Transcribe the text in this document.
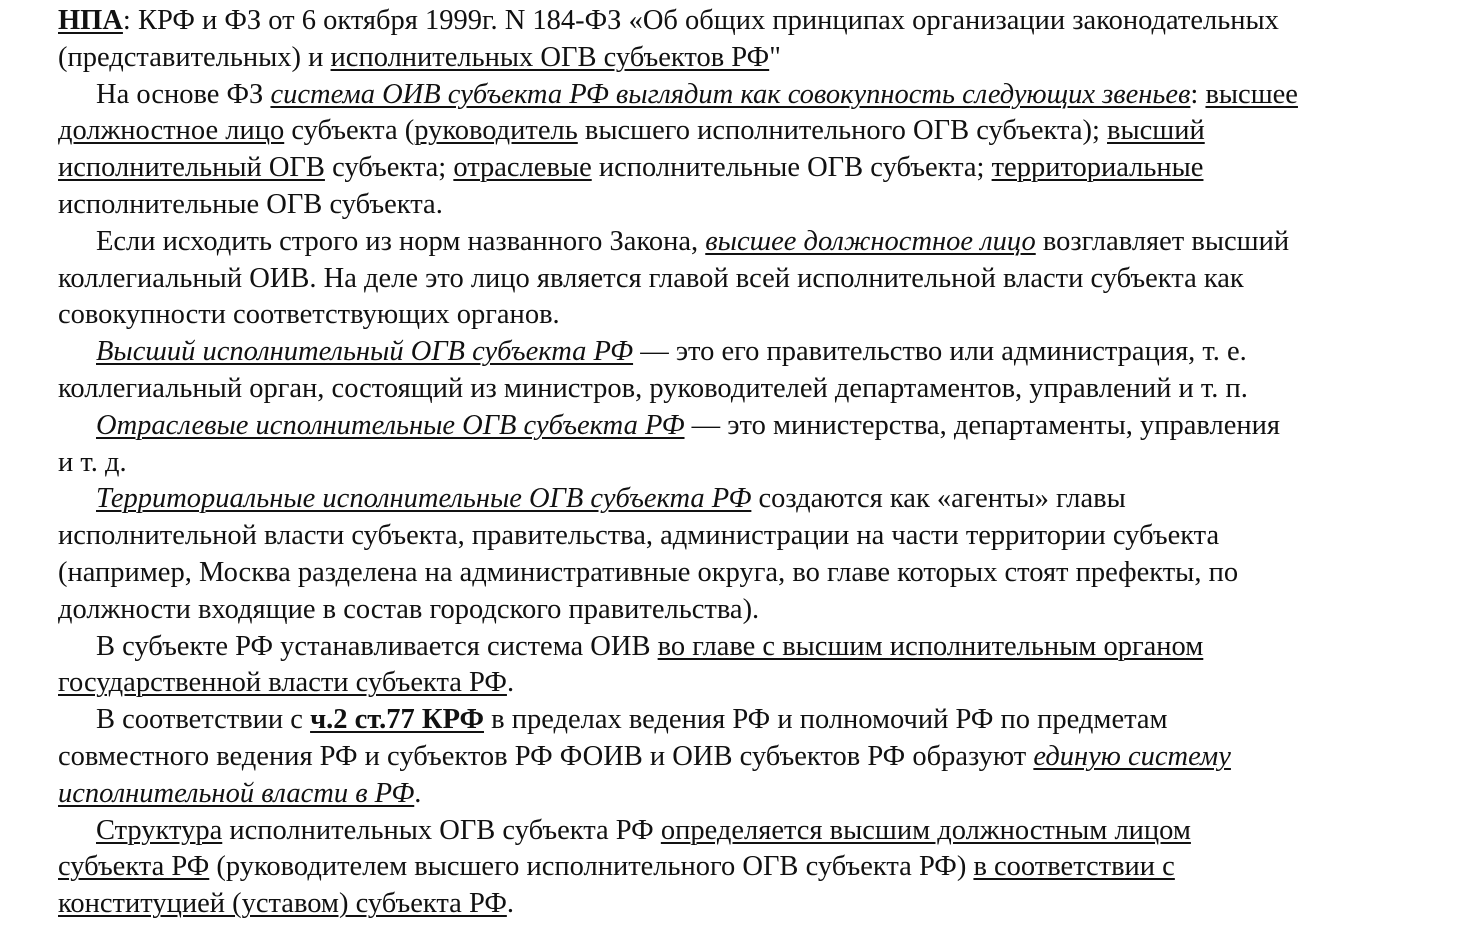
НПА: КРФ и ФЗ от 6 октября 1999г. N 184-ФЗ «Об общих принципах организации законодательных
(представительных) и исполнительных ОГВ субъектов РФ"
На основе ФЗ система ОИВ субъекта РФ выглядит как совокупность следующих звеньев: высшее
должностное лицо субъекта (руководитель высшего исполнительного ОГВ субъекта); высший
исполнительный ОГВ субъекта; отраслевые исполнительные ОГВ субъекта; территориальные
исполнительные ОГВ субъекта.
Если исходить строго из норм названного Закона, высшее должностное лицо возглавляет высший
коллегиальный ОИВ. На деле это лицо является главой всей исполнительной власти субъекта как
совокупности соответствующих органов.
Высший исполнительный ОГВ субъекта РФ — это его правительство или администрация, т. е.
коллегиальный орган, состоящий из министров, руководителей департаментов, управлений и т. п.
Отраслевые исполнительные ОГВ субъекта РФ — это министерства, департаменты, управления
и т. д.
Территориальные исполнительные ОГВ субъекта РФ создаются как «агенты» главы
исполнительной власти субъекта, правительства, администрации на части территории субъекта
(например, Москва разделена на административные округа, во главе которых стоят префекты, по
должности входящие в состав городского правительства).
В субъекте РФ устанавливается система ОИВ во главе с высшим исполнительным органом
государственной власти субъекта РФ.
В соответствии с ч.2 ст.77 КРФ в пределах ведения РФ и полномочий РФ по предметам
совместного ведения РФ и субъектов РФ ФОИВ и ОИВ субъектов РФ образуют единую систему
исполнительной власти в РФ.
Структура исполнительных ОГВ субъекта РФ определяется высшим должностным лицом
субъекта РФ (руководителем высшего исполнительного ОГВ субъекта РФ) в соответствии с
конституцией (уставом) субъекта РФ.
